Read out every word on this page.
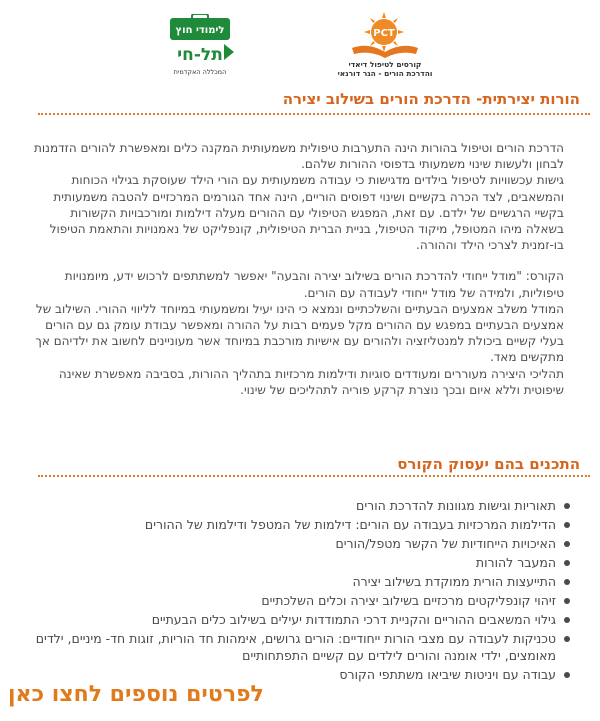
PCT
קורסים לטיפול דיאדי
והדרכת הורים - הגר דורנאי
לימודי חוץ
תל-חי
המכללה האקדמית
הורות יצירתית- הדרכת הורים בשילוב יצירה

הדרכת הורים וטיפול בהורות הינה התערבות טיפולית משמעותית המקנה כלים ומאפשרת להורים הזדמנות לבחון ולעשות שינוי משמעותי בדפוסי ההורות שלהם.

גישות עכשוויות לטיפול בילדים מדגישות כי עבודה משמעותית עם הורי הילד שעוסקת בגילוי הכוחות והמשאבים, לצד הכרה בקשיים ושינוי דפוסים הוריים, הינה אחד הגורמים המרכזיים להטבה משמעותית בקשיי הרגשיים של ילדם. עם זאת, המפגש הטיפולי עם ההורים מעלה דילמות ומורכבויות הקשורות בשאלה מיהו המטופל, מיקוד הטיפול, בניית הברית הטיפולית, קונפליקט של נאמנויות והתאמת הטיפול בו-זמנית לצרכי הילד וההורה.

הקורס: "מודל ייחודי להדרכת הורים בשילוב יצירה והבעה" יאפשר למשתתפים לרכוש ידע, מיומנויות טיפוליות, ולמידה של מודל ייחודי לעבודה עם הורים.

המודל משלב אמצעים הבעתיים והשלכתיים ונמצא כי הינו יעיל ומשמעותי במיוחד לליווי ההורי. השילוב של אמצעים הבעתיים במפגש עם ההורים מקל פעמים רבות על ההורה ומאפשר עבודת עומק גם עם הורים בעלי קשיים ביכולת למנטליזציה ולהורים עם אישיות מורכבת במיוחד אשר מעוניינים לחשוב את ילדיהם אך מתקשים מאד.

תהליכי היצירה מעוררים ומעודדים סוגיות ודילמות מרכזיות בתהליך ההורות, בסביבה מאפשרת שאינה שיפוטית וללא איום ובכך נוצרת קרקע פוריה לתהליכים של שינוי.

התכנים בהם יעסוק הקורס
תאוריות וגישות מגוונות להדרכת הורים
הדילמות המרכזיות בעבודה עם הורים: דילמות של המטפל ודילמות של ההורים
האיכויות הייחודיות של הקשר מטפל/הורים
המעבר להורות
התייעצות הורית ממוקדת בשילוב יצירה
זיהוי קונפליקטים מרכזיים בשילוב יצירה וכלים השלכתיים
גילוי המשאבים ההוריים והקניית דרכי התמודדות יעילים בשילוב כלים הבעתיים
טכניקות לעבודה עם מצבי הורות ייחודיים: הורים גרושים, אימהות חד הוריות, זוגות חד- מיניים, ילדים מאומצים, ילדי אומנה והורים לילדים עם קשיים התפתחותיים
עבודה עם ויניטות שיביאו משתתפי הקורס
לפרטים נוספים לחצו כאן
